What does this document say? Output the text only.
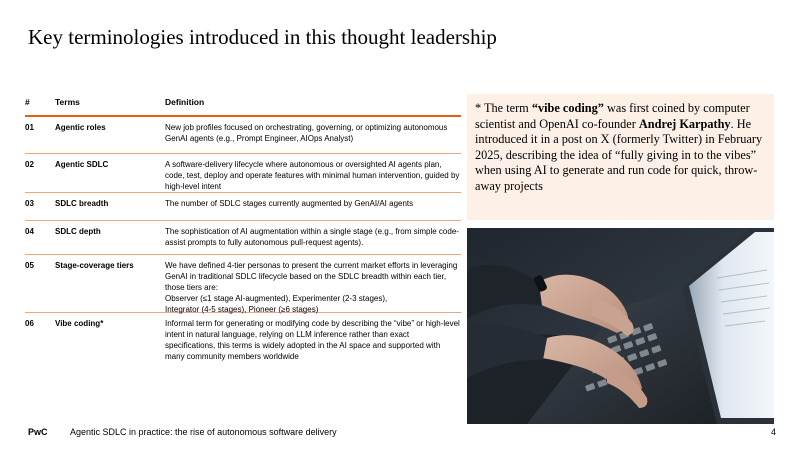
Key terminologies introduced in this thought leadership
#	Terms	Definition
01	Agentic roles	New job profiles focused on orchestrating, governing, or optimizing autonomous GenAI agents (e.g., Prompt Engineer, AIOps Analyst)
02	Agentic SDLC	A software-delivery lifecycle where autonomous or oversighted AI agents plan, code, test, deploy and operate features with minimal human intervention, guided by high-level intent
03	SDLC breadth	The number of SDLC stages currently augmented by GenAI/AI agents
04	SDLC depth	The sophistication of AI augmentation within a single stage (e.g., from simple code-assist prompts to fully autonomous pull-request agents).
05	Stage-coverage tiers	We have defined 4-tier personas to present the current market efforts in leveraging GenAI in traditional SDLC lifecycle based on the SDLC breadth within each tier, those tiers are:
Observer (≤1 stage AI-augmented), Experimenter (2-3 stages),
Integrator (4-5 stages), Pioneer (≥6 stages)
06	Vibe coding*	Informal term for generating or modifying code by describing the “vibe” or high-level intent in natural language, relying on LLM inference rather than exact specifications, this terms is widely adopted in the AI space and supported with many community members worldwide
* The term “vibe coding” was first coined by computer scientist and OpenAI co-founder Andrej Karpathy. He introduced it in a post on X (formerly Twitter) in February 2025, describing the idea of “fully giving in to the vibes” when using AI to generate and run code for quick, throw-away projects
PwC Agentic SDLC in practice: the rise of autonomous software delivery	4
